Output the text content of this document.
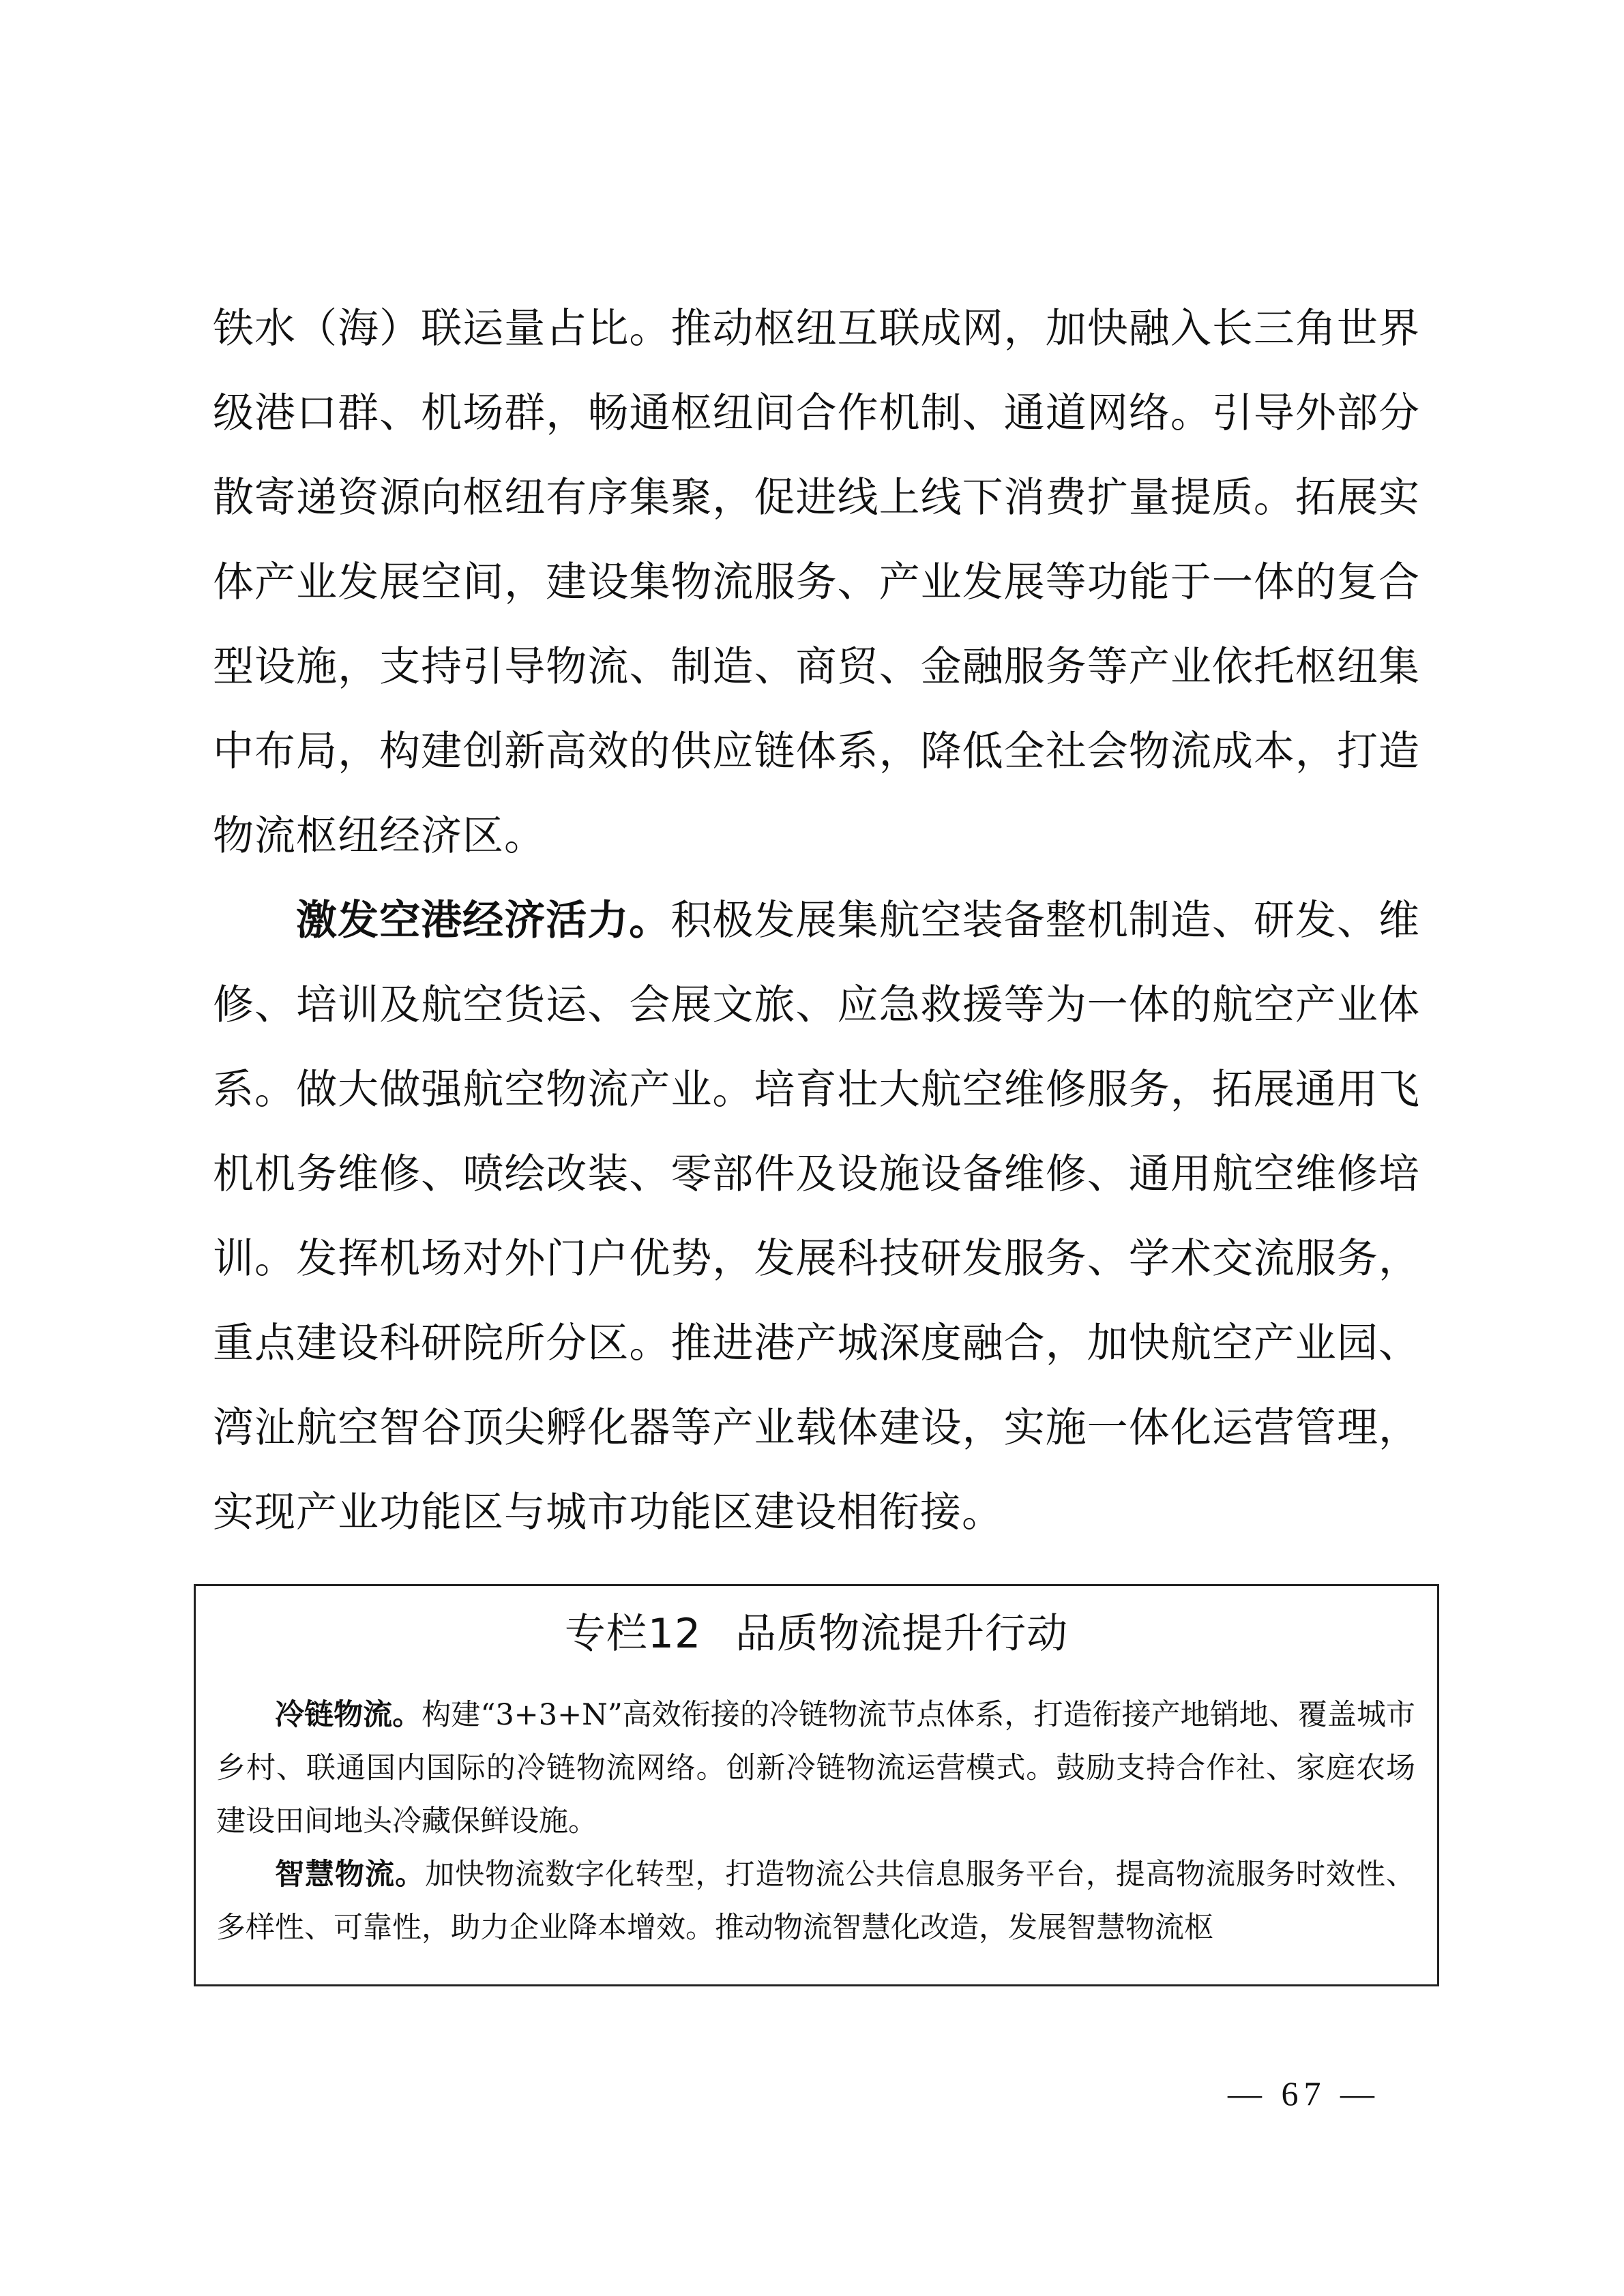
铁水（海）联运量占比。推动枢纽互联成网，加快融入长三角世界级港口群、机场群，畅通枢纽间合作机制、通道网络。引导外部分散寄递资源向枢纽有序集聚，促进线上线下消费扩量提质。拓展实体产业发展空间，建设集物流服务、产业发展等功能于一体的复合型设施，支持引导物流、制造、商贸、金融服务等产业依托枢纽集中布局，构建创新高效的供应链体系，降低全社会物流成本，打造物流枢纽经济区。

激发空港经济活力。积极发展集航空装备整机制造、研发、维修、培训及航空货运、会展文旅、应急救援等为一体的航空产业体系。做大做强航空物流产业。培育壮大航空维修服务，拓展通用飞机机务维修、喷绘改装、零部件及设施设备维修、通用航空维修培训。发挥机场对外门户优势，发展科技研发服务、学术交流服务，重点建设科研院所分区。推进港产城深度融合，加快航空产业园、湾沚航空智谷顶尖孵化器等产业载体建设，实施一体化运营管理，实现产业功能区与城市功能区建设相衔接。

专栏12 品质物流提升行动

冷链物流。构建“3+3+N”高效衔接的冷链物流节点体系，打造衔接产地销地、覆盖城市乡村、联通国内国际的冷链物流网络。创新冷链物流运营模式。鼓励支持合作社、家庭农场建设田间地头冷藏保鲜设施。

智慧物流。加快物流数字化转型，打造物流公共信息服务平台，提高物流服务时效性、多样性、可靠性，助力企业降本增效。推动物流智慧化改造，发展智慧物流枢

— 67 —
